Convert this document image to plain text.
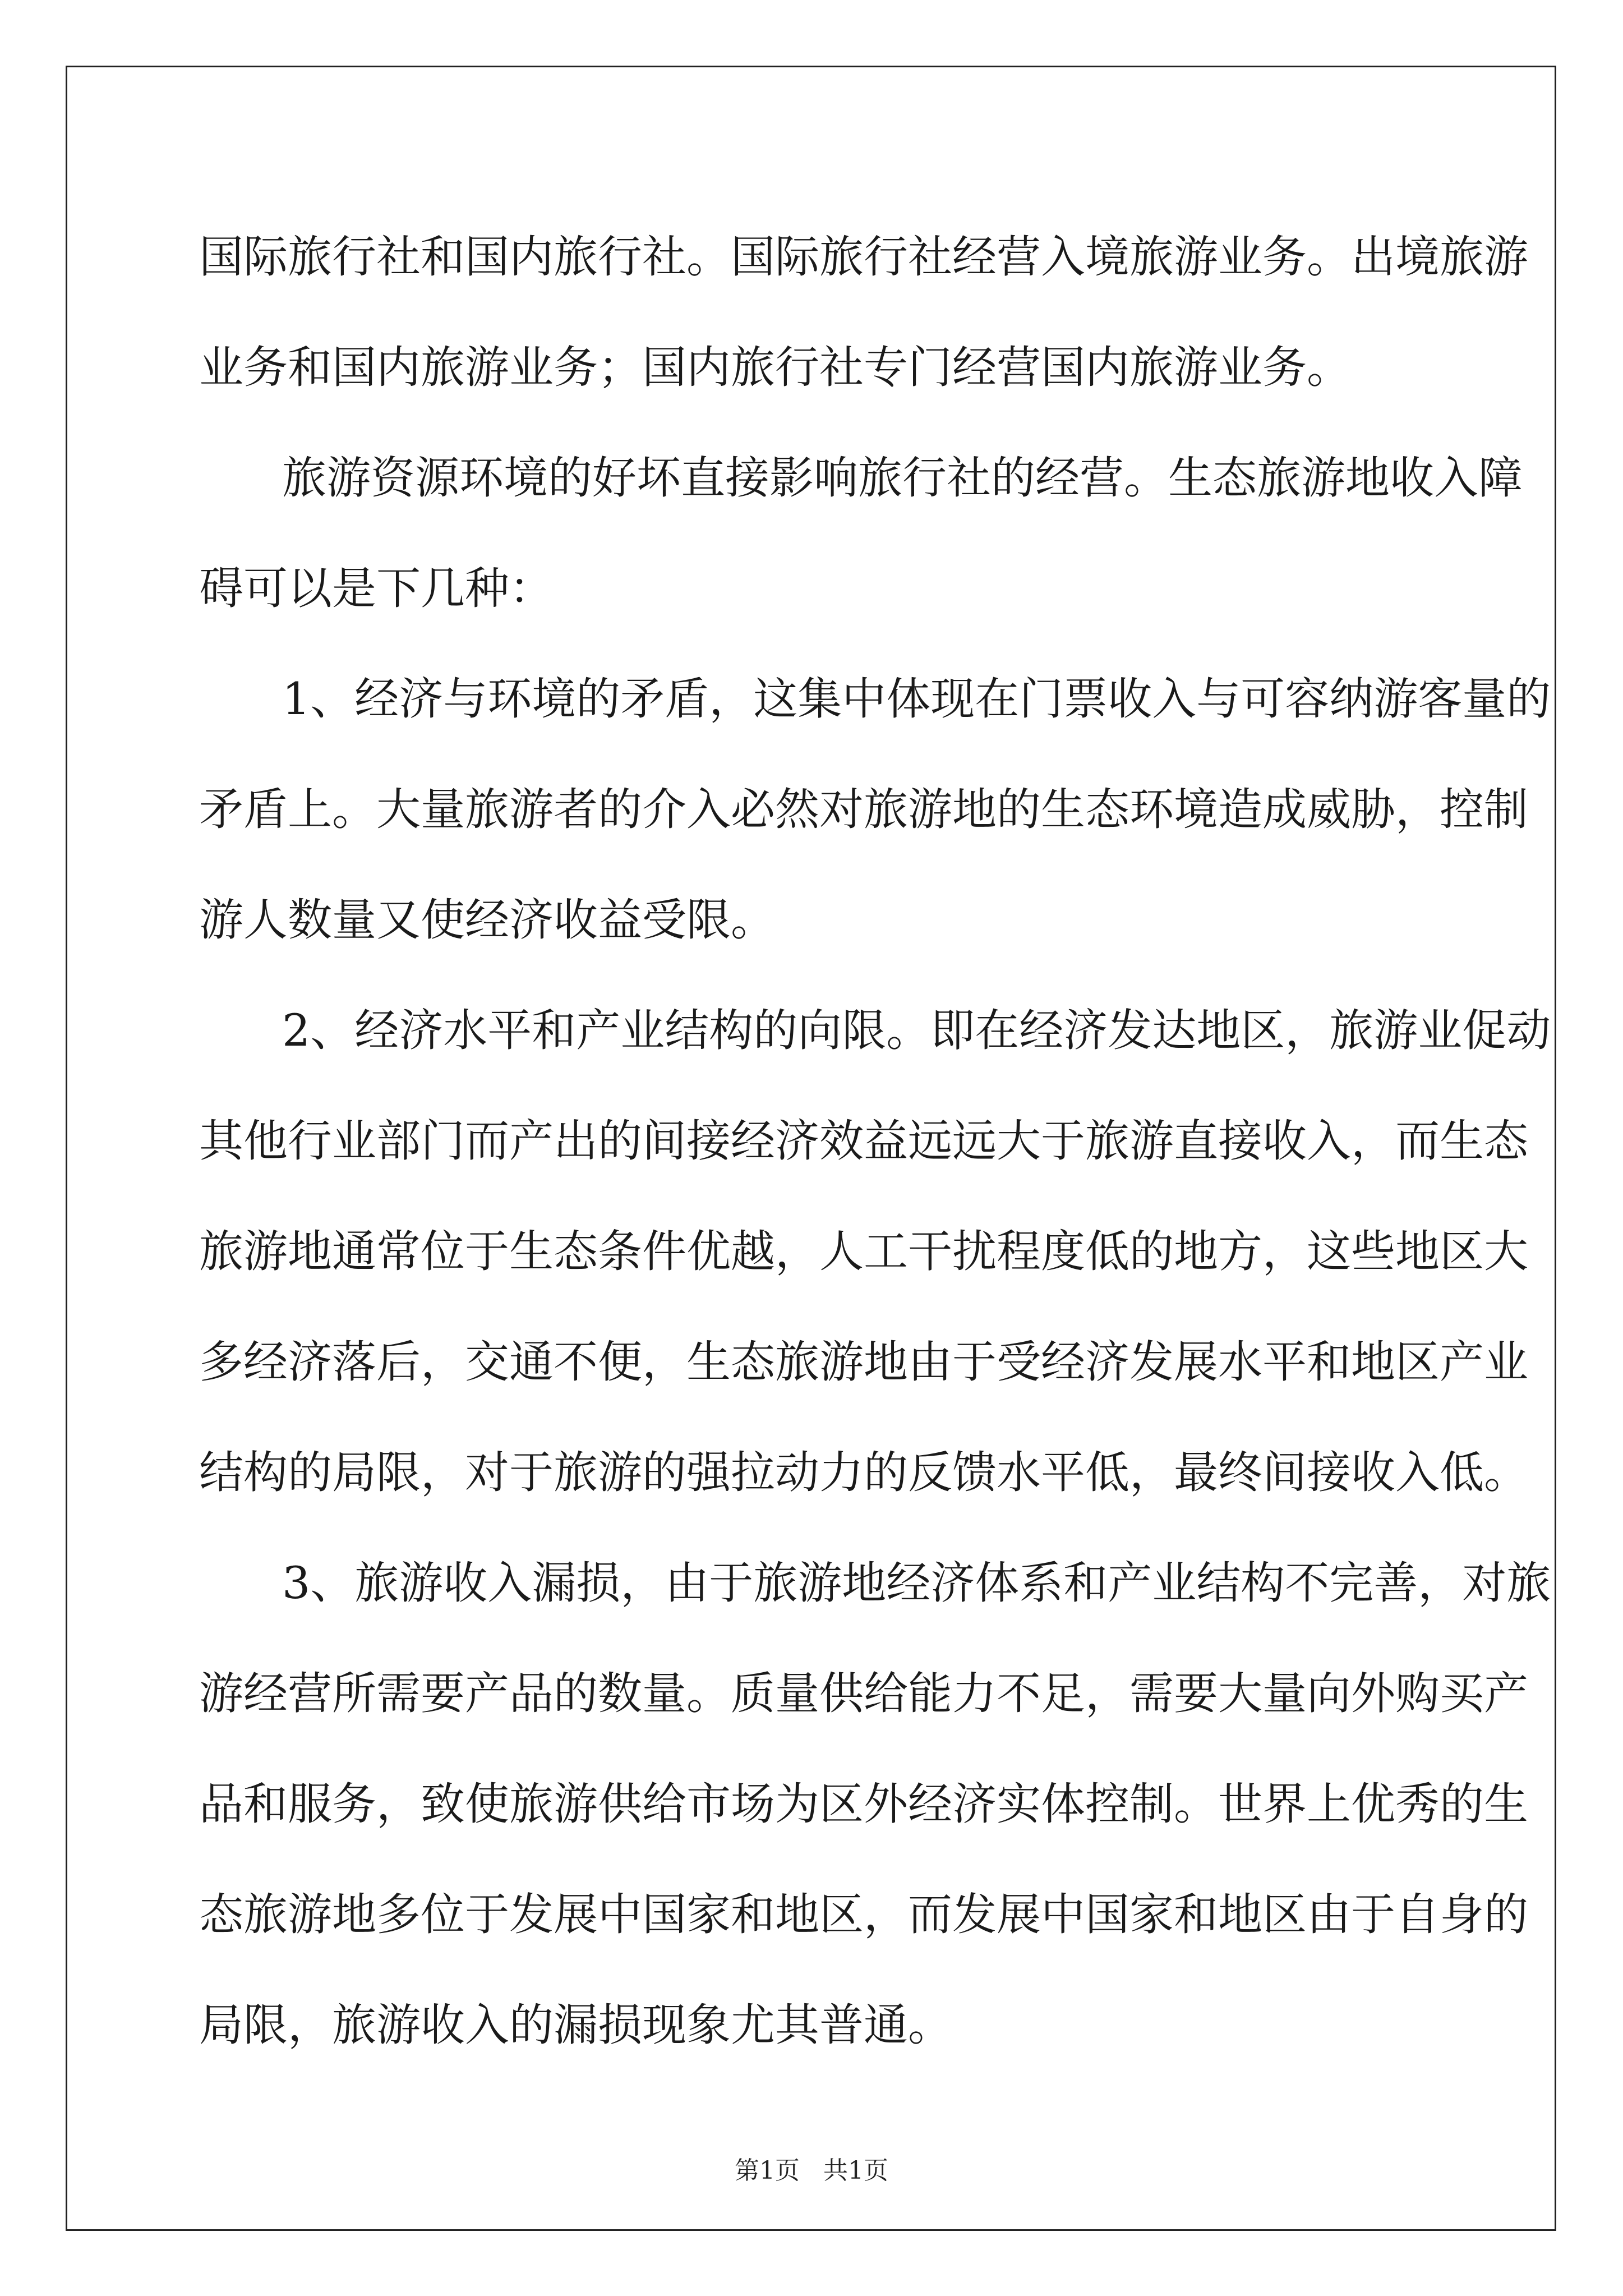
国际旅行社和国内旅行社。国际旅行社经营入境旅游业务。出境旅游
业务和国内旅游业务；国内旅行社专门经营国内旅游业务。
旅游资源环境的好坏直接影响旅行社的经营。生态旅游地收入障
碍可以是下几种：
1、经济与环境的矛盾，这集中体现在门票收入与可容纳游客量的
矛盾上。大量旅游者的介入必然对旅游地的生态环境造成威胁，控制
游人数量又使经济收益受限。
2、经济水平和产业结构的向限。即在经济发达地区，旅游业促动
其他行业部门而产出的间接经济效益远远大于旅游直接收入，而生态
旅游地通常位于生态条件优越，人工干扰程度低的地方，这些地区大
多经济落后，交通不便，生态旅游地由于受经济发展水平和地区产业
结构的局限，对于旅游的强拉动力的反馈水平低，最终间接收入低。
3、旅游收入漏损，由于旅游地经济体系和产业结构不完善，对旅
游经营所需要产品的数量。质量供给能力不足，需要大量向外购买产
品和服务，致使旅游供给市场为区外经济实体控制。世界上优秀的生
态旅游地多位于发展中国家和地区，而发展中国家和地区由于自身的
局限，旅游收入的漏损现象尤其普通。
第1页 共1页
